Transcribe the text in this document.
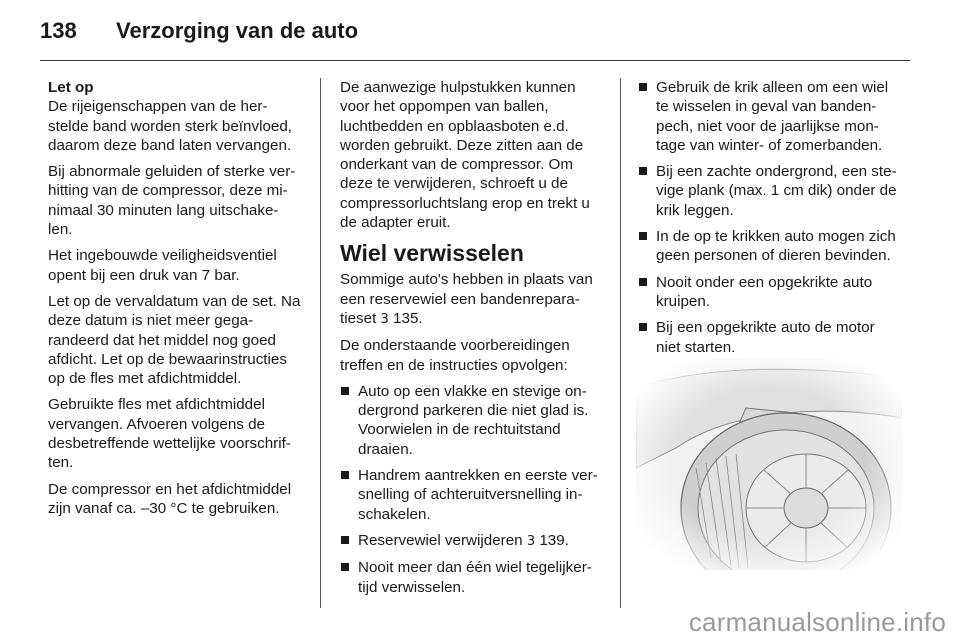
138 Verzorging van de auto

Let op
De rijeigenschappen van de her- stelde band worden sterk beïnvloed, daarom deze band laten vervangen.

Bij abnormale geluiden of sterke ver- hitting van de compressor, deze mi- nimaal 30 minuten lang uitschake- len.

Het ingebouwde veiligheidsventiel opent bij een druk van 7 bar.

Let op de vervaldatum van de set. Na deze datum is niet meer gega- randeerd dat het middel nog goed afdicht. Let op de bewaarinstructies op de fles met afdichtmiddel.

Gebruikte fles met afdichtmiddel vervangen. Afvoeren volgens de desbetreffende wettelijke voorschrif- ten.

De compressor en het afdichtmiddel zijn vanaf ca. –30 °C te gebruiken.

De aanwezige hulpstukken kunnen voor het oppompen van ballen, luchtbedden en opblaasboten e.d. worden gebruikt. Deze zitten aan de onderkant van de compressor. Om deze te verwijderen, schroeft u de compressorluchtslang erop en trekt u de adapter eruit.

Wiel verwisselen

Sommige auto's hebben in plaats van een reservewiel een bandenrepara- tieset 3 135.

De onderstaande voorbereidingen treffen en de instructies opvolgen:

Auto op een vlakke en stevige on- dergrond parkeren die niet glad is. Voorwielen in de rechtuitstand draaien.
Handrem aantrekken en eerste ver- snelling of achteruitversnelling in- schakelen.
Reservewiel verwijderen 3 139.
Nooit meer dan één wiel tegelijker- tijd verwisselen.
Gebruik de krik alleen om een wiel te wisselen in geval van banden- pech, niet voor de jaarlijkse mon- tage van winter- of zomerbanden.
Bij een zachte ondergrond, een ste- vige plank (max. 1 cm dik) onder de krik leggen.
In de op te krikken auto mogen zich geen personen of dieren bevinden.
Nooit onder een opgekrikte auto kruipen.
Bij een opgekrikte auto de motor niet starten.
carmanualsonline.info
